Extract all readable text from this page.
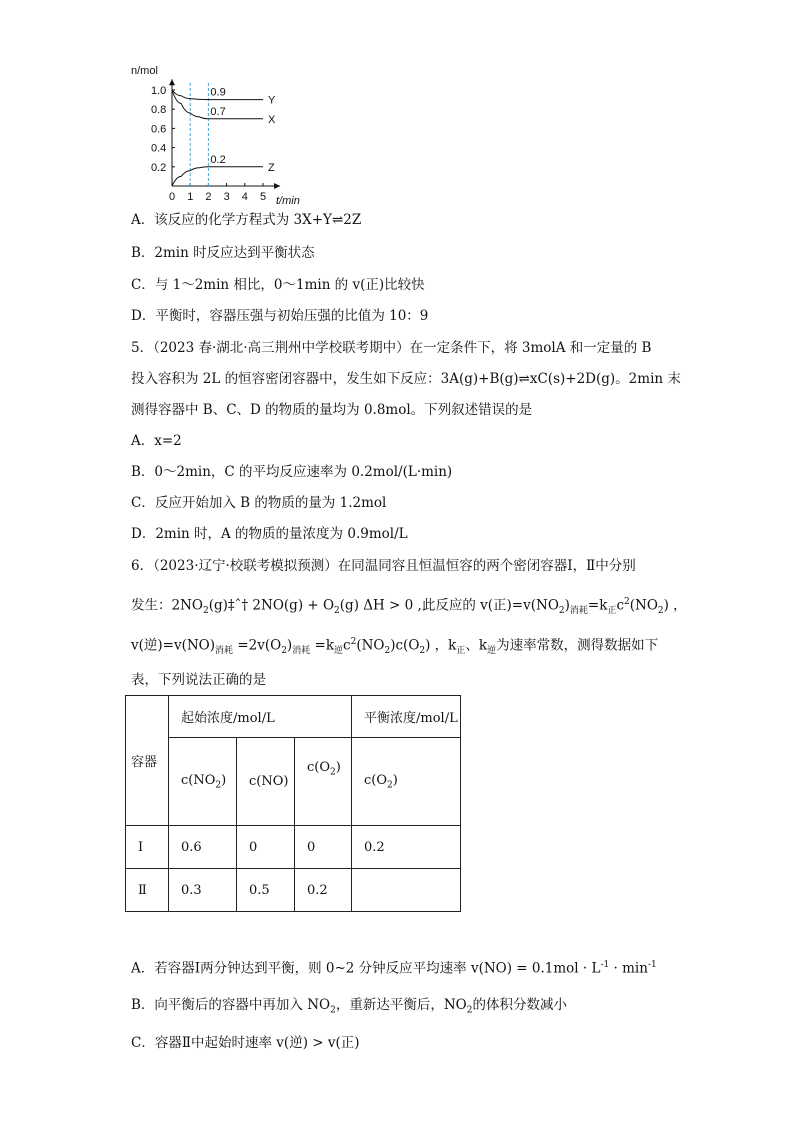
n/mol
t/min
0 1 2 3 4 5
1.0
0.8
0.6
0.4
0.2
Y
0.9
X
0.7
Z
0.2
A．该反应的化学方程式为 3X+Y⇌2Z
B．2min 时反应达到平衡状态
C．与 1～2min 相比，0～1min 的 v(正)比较快
D．平衡时，容器压强与初始压强的比值为 10：9
5．（2023 春·湖北·高三荆州中学校联考期中）在一定条件下，将 3molA 和一定量的 B
投入容积为 2L 的恒容密闭容器中，发生如下反应：3A(g)+B(g)⇌xC(s)+2D(g)。2min 末
测得容器中 B、C、D 的物质的量均为 0.8mol。下列叙述错误的是
A．x=2
B．0～2min，C 的平均反应速率为 0.2mol/(L·min)
C．反应开始加入 B 的物质的量为 1.2mol
D．2min 时，A 的物质的量浓度为 0.9mol/L
6．（2023·辽宁·校联考模拟预测）在同温同容且恒温恒容的两个密闭容器Ⅰ，Ⅱ中分别
发生：$2NO_2(g)\ddagger ˆ\dagger$ $2NO(g) + O_2(g) \Delta H > 0$ ,此反应的 v(正)$=v(NO_2)_{消耗}=k_正c^2(NO_2)$ ，
v(逆)$=v(NO)_{消耗} =2v(O_2)_{消耗} =k_逆c^2(NO_2)c(O_2)$ ，$k_正$、$k_逆$为速率常数，测得数据如下
表，下列说法正确的是
容器	起始浓度/mol/L			平衡浓度/mol/L
	$c(NO_2)$	c(NO)	$c(O_2)$	$c(O_2)$
Ⅰ	0.6	0	0	0.2
Ⅱ	0.3	0.5	0.2	
A．若容器Ⅰ两分钟达到平衡，则 0~2 分钟反应平均速率 $v(NO) = 0.1mol \cdot L^{-1} \cdot \min^{-1}$
B．向平衡后的容器中再加入 $NO_2$，重新达平衡后，$NO_2$的体积分数减小
C．容器Ⅱ中起始时速率 v(逆) > v(正)
